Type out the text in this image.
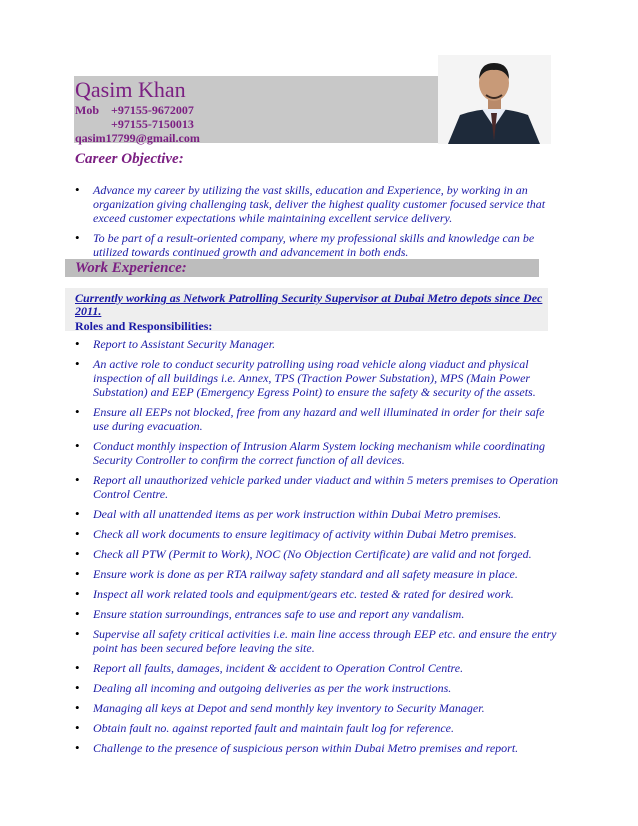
Qasim Khan
Mob +97155-9672007
+97155-7150013
qasim17799@gmail.com
Career Objective:
• Advance my career by utilizing the vast skills, education and Experience, by working in an organization giving challenging task, deliver the highest quality customer focused service that exceed customer expectations while maintaining excellent service delivery.
• To be part of a result-oriented company, where my professional skills and knowledge can be utilized towards continued growth and advancement in both ends.
Work Experience:
Currently working as Network Patrolling Security Supervisor at Dubai Metro depots since Dec 2011.
Roles and Responsibilities:
• Report to Assistant Security Manager.
• An active role to conduct security patrolling using road vehicle along viaduct and physical inspection of all buildings i.e. Annex, TPS (Traction Power Substation), MPS (Main Power Substation) and EEP (Emergency Egress Point) to ensure the safety & security of the assets.
• Ensure all EEPs not blocked, free from any hazard and well illuminated in order for their safe use during evacuation.
• Conduct monthly inspection of Intrusion Alarm System locking mechanism while coordinating Security Controller to confirm the correct function of all devices.
• Report all unauthorized vehicle parked under viaduct and within 5 meters premises to Operation Control Centre.
• Deal with all unattended items as per work instruction within Dubai Metro premises.
• Check all work documents to ensure legitimacy of activity within Dubai Metro premises.
• Check all PTW (Permit to Work), NOC (No Objection Certificate) are valid and not forged.
• Ensure work is done as per RTA railway safety standard and all safety measure in place.
• Inspect all work related tools and equipment/gears etc. tested & rated for desired work.
• Ensure station surroundings, entrances safe to use and report any vandalism.
• Supervise all safety critical activities i.e. main line access through EEP etc. and ensure the entry point has been secured before leaving the site.
• Report all faults, damages, incident & accident to Operation Control Centre.
• Dealing all incoming and outgoing deliveries as per the work instructions.
• Managing all keys at Depot and send monthly key inventory to Security Manager.
• Obtain fault no. against reported fault and maintain fault log for reference.
• Challenge to the presence of suspicious person within Dubai Metro premises and report.
